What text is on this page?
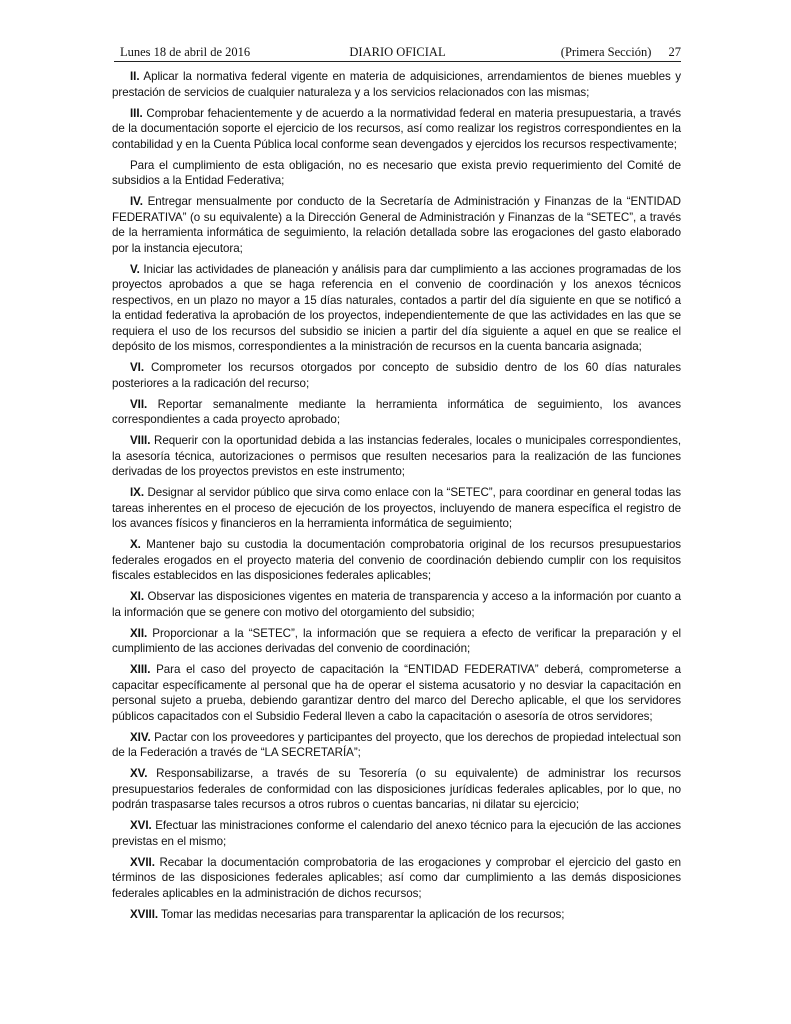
Lunes 18 de abril de 2016	DIARIO OFICIAL	(Primera Sección) 27

II. Aplicar la normativa federal vigente en materia de adquisiciones, arrendamientos de bienes muebles y prestación de servicios de cualquier naturaleza y a los servicios relacionados con las mismas;

III. Comprobar fehacientemente y de acuerdo a la normatividad federal en materia presupuestaria, a través de la documentación soporte el ejercicio de los recursos, así como realizar los registros correspondientes en la contabilidad y en la Cuenta Pública local conforme sean devengados y ejercidos los recursos respectivamente;

Para el cumplimiento de esta obligación, no es necesario que exista previo requerimiento del Comité de subsidios a la Entidad Federativa;

IV. Entregar mensualmente por conducto de la Secretaría de Administración y Finanzas de la “ENTIDAD FEDERATIVA” (o su equivalente) a la Dirección General de Administración y Finanzas de la “SETEC”, a través de la herramienta informática de seguimiento, la relación detallada sobre las erogaciones del gasto elaborado por la instancia ejecutora;

V. Iniciar las actividades de planeación y análisis para dar cumplimiento a las acciones programadas de los proyectos aprobados a que se haga referencia en el convenio de coordinación y los anexos técnicos respectivos, en un plazo no mayor a 15 días naturales, contados a partir del día siguiente en que se notificó a la entidad federativa la aprobación de los proyectos, independientemente de que las actividades en las que se requiera el uso de los recursos del subsidio se inicien a partir del día siguiente a aquel en que se realice el depósito de los mismos, correspondientes a la ministración de recursos en la cuenta bancaria asignada;

VI. Comprometer los recursos otorgados por concepto de subsidio dentro de los 60 días naturales posteriores a la radicación del recurso;

VII. Reportar semanalmente mediante la herramienta informática de seguimiento, los avances correspondientes a cada proyecto aprobado;

VIII. Requerir con la oportunidad debida a las instancias federales, locales o municipales correspondientes, la asesoría técnica, autorizaciones o permisos que resulten necesarios para la realización de las funciones derivadas de los proyectos previstos en este instrumento;

IX. Designar al servidor público que sirva como enlace con la “SETEC”, para coordinar en general todas las tareas inherentes en el proceso de ejecución de los proyectos, incluyendo de manera específica el registro de los avances físicos y financieros en la herramienta informática de seguimiento;

X. Mantener bajo su custodia la documentación comprobatoria original de los recursos presupuestarios federales erogados en el proyecto materia del convenio de coordinación debiendo cumplir con los requisitos fiscales establecidos en las disposiciones federales aplicables;

XI. Observar las disposiciones vigentes en materia de transparencia y acceso a la información por cuanto a la información que se genere con motivo del otorgamiento del subsidio;

XII. Proporcionar a la “SETEC”, la información que se requiera a efecto de verificar la preparación y el cumplimiento de las acciones derivadas del convenio de coordinación;

XIII. Para el caso del proyecto de capacitación la “ENTIDAD FEDERATIVA” deberá, comprometerse a capacitar específicamente al personal que ha de operar el sistema acusatorio y no desviar la capacitación en personal sujeto a prueba, debiendo garantizar dentro del marco del Derecho aplicable, el que los servidores públicos capacitados con el Subsidio Federal lleven a cabo la capacitación o asesoría de otros servidores;

XIV. Pactar con los proveedores y participantes del proyecto, que los derechos de propiedad intelectual son de la Federación a través de “LA SECRETARÍA”;

XV. Responsabilizarse, a través de su Tesorería (o su equivalente) de administrar los recursos presupuestarios federales de conformidad con las disposiciones jurídicas federales aplicables, por lo que, no podrán traspasarse tales recursos a otros rubros o cuentas bancarias, ni dilatar su ejercicio;

XVI. Efectuar las ministraciones conforme el calendario del anexo técnico para la ejecución de las acciones previstas en el mismo;

XVII. Recabar la documentación comprobatoria de las erogaciones y comprobar el ejercicio del gasto en términos de las disposiciones federales aplicables; así como dar cumplimiento a las demás disposiciones federales aplicables en la administración de dichos recursos;

XVIII. Tomar las medidas necesarias para transparentar la aplicación de los recursos;
